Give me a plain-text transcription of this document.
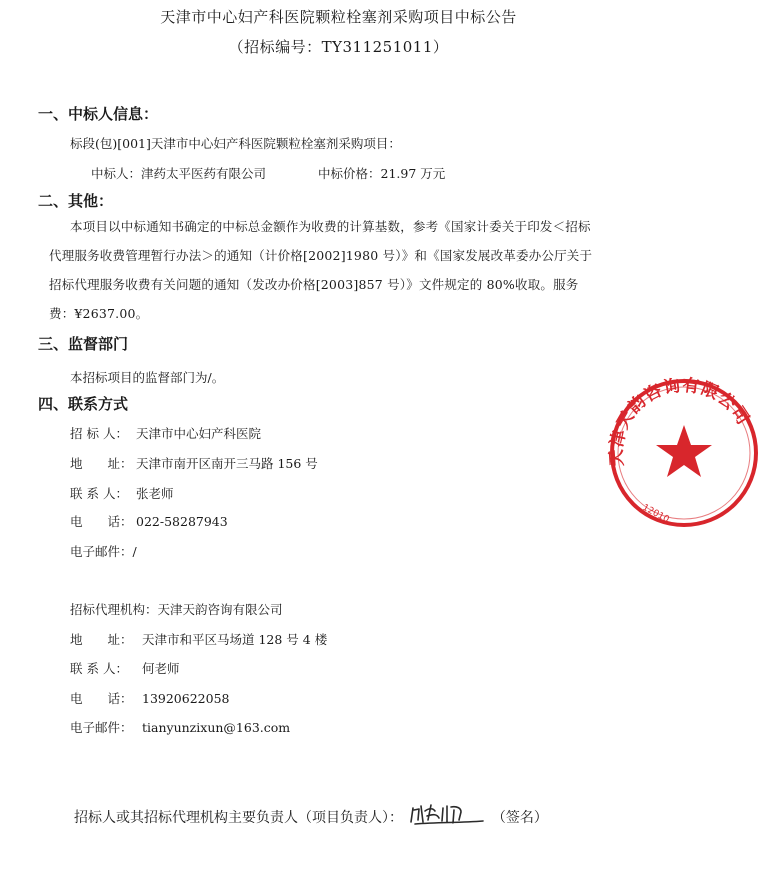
天津市中心妇产科医院颗粒栓塞剂采购项目中标公告
（招标编号：TY311251011）
一、中标人信息：
标段(包)[001]天津市中心妇产科医院颗粒栓塞剂采购项目：
中标人：津药太平医药有限公司	中标价格：21.97 万元
二、其他：
本项目以中标通知书确定的中标总金额作为收费的计算基数，参考《国家计委关于印发＜招标代理服务收费管理暂行办法＞的通知（计价格[2002]1980 号）》和《国家发展改革委办公厅关于招标代理服务收费有关问题的通知（发改办价格[2003]857 号）》文件规定的 80%收取。服务费：¥2637.00。
三、监督部门
本招标项目的监督部门为/。
四、联系方式
招 标 人： 天津市中心妇产科医院
地　　址： 天津市南开区南开三马路 156 号
联 系 人： 张老师
电　　话： 022-58287943
电子邮件：/
招标代理机构：天津天韵咨询有限公司
地　　址： 天津市和平区马场道 128 号 4 楼
联 系 人： 何老师
电　　话： 13920622058
电子邮件： tianyunzixun@163.com
招标人或其招标代理机构主要负责人（项目负责人）：	（签名）
天津天韵咨询有限公司
12010
